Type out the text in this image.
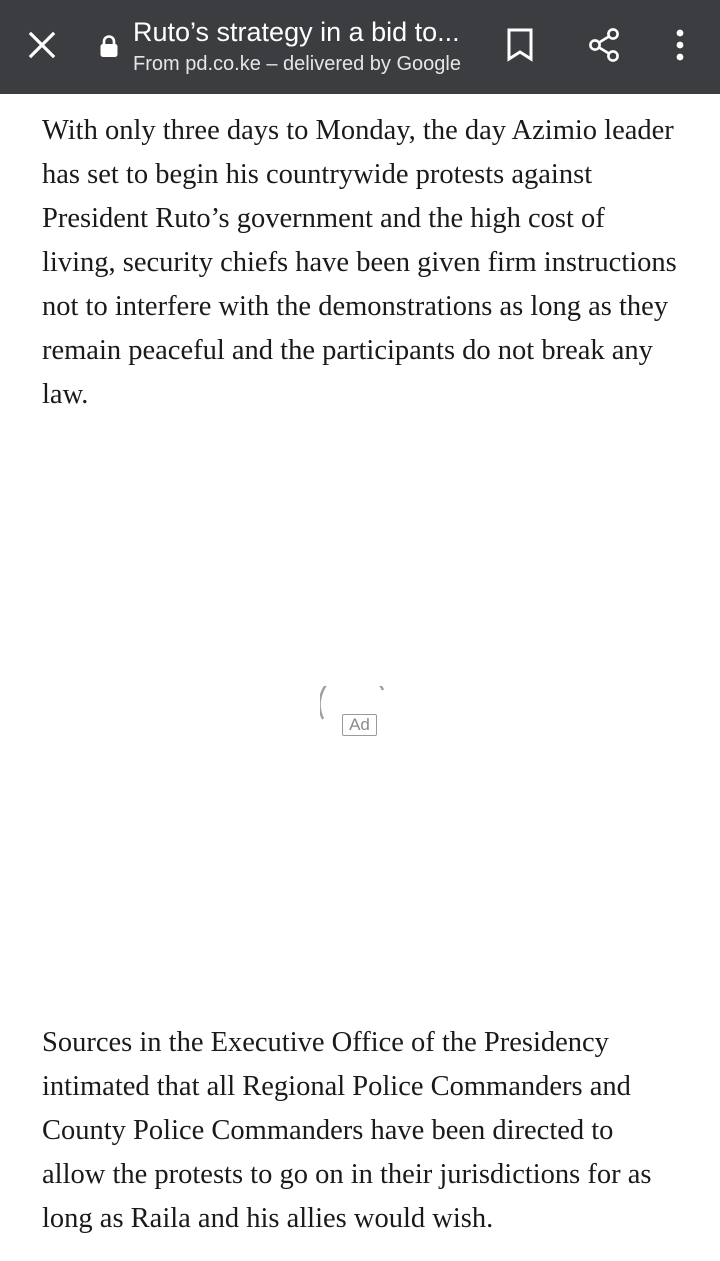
Ruto’s strategy in a bid to...
From pd.co.ke – delivered by Google

With only three days to Monday, the day Azimio leader has set to begin his countrywide protests against President Ruto’s government and the high cost of living, security chiefs have been given firm instructions not to interfere with the demonstrations as long as they remain peaceful and the participants do not break any law.

Ad

Sources in the Executive Office of the Presidency intimated that all Regional Police Commanders and County Police Commanders have been directed to allow the protests to go on in their jurisdictions for as long as Raila and his allies would wish.
